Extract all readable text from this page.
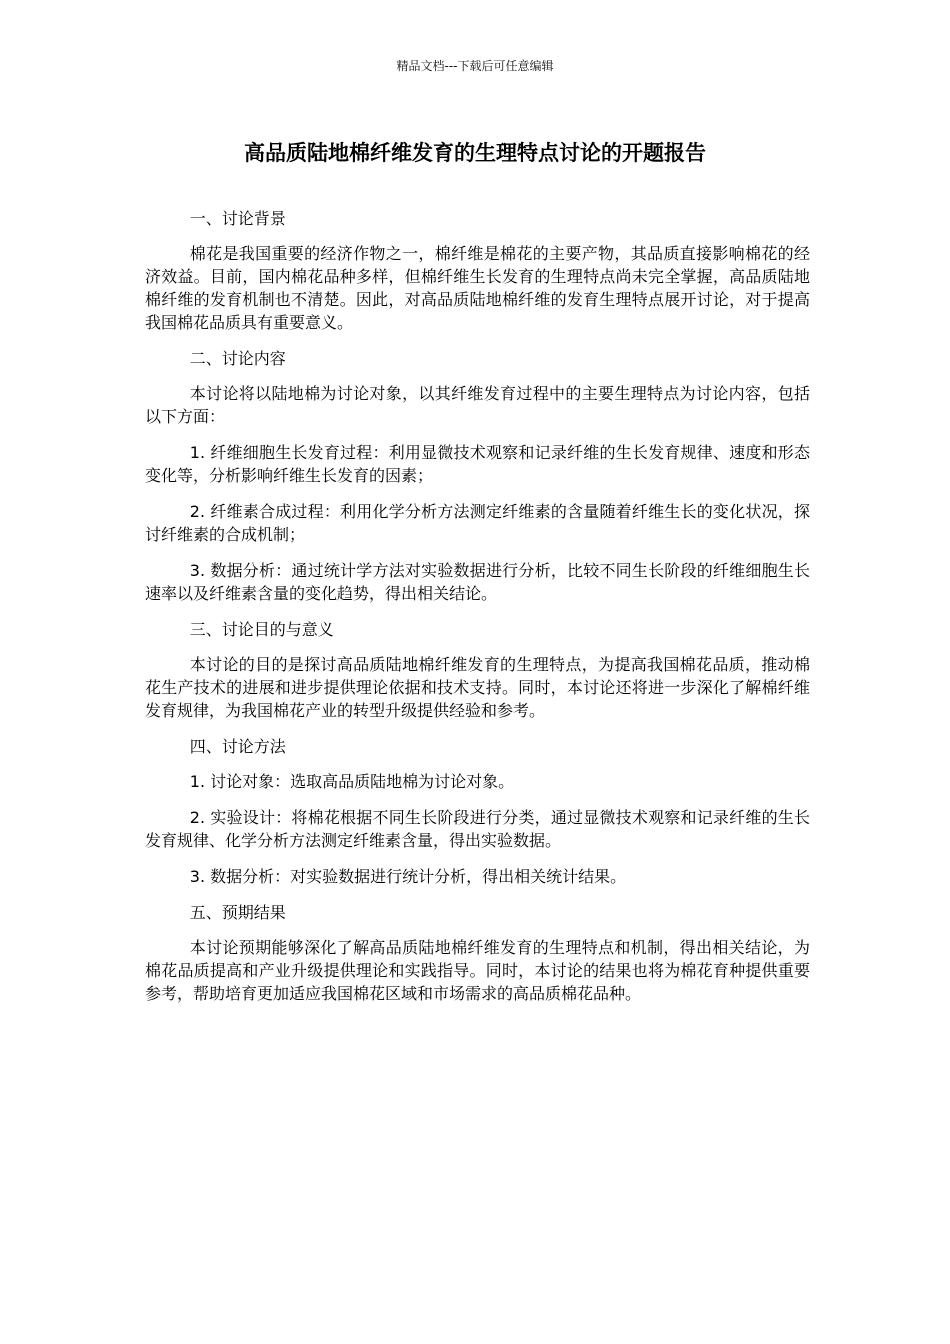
精品文档---下载后可任意编辑
高品质陆地棉纤维发育的生理特点讨论的开题报告

一、讨论背景

棉花是我国重要的经济作物之一，棉纤维是棉花的主要产物，其品质直接影响棉花的经济效益。目前，国内棉花品种多样，但棉纤维生长发育的生理特点尚未完全掌握，高品质陆地棉纤维的发育机制也不清楚。因此，对高品质陆地棉纤维的发育生理特点展开讨论，对于提高我国棉花品质具有重要意义。

二、讨论内容

本讨论将以陆地棉为讨论对象，以其纤维发育过程中的主要生理特点为讨论内容，包括以下方面：

1. 纤维细胞生长发育过程：利用显微技术观察和记录纤维的生长发育规律、速度和形态变化等，分析影响纤维生长发育的因素；

2. 纤维素合成过程：利用化学分析方法测定纤维素的含量随着纤维生长的变化状况，探讨纤维素的合成机制；

3. 数据分析：通过统计学方法对实验数据进行分析，比较不同生长阶段的纤维细胞生长速率以及纤维素含量的变化趋势，得出相关结论。

三、讨论目的与意义

本讨论的目的是探讨高品质陆地棉纤维发育的生理特点，为提高我国棉花品质，推动棉花生产技术的进展和进步提供理论依据和技术支持。同时，本讨论还将进一步深化了解棉纤维发育规律，为我国棉花产业的转型升级提供经验和参考。

四、讨论方法

1. 讨论对象：选取高品质陆地棉为讨论对象。

2. 实验设计：将棉花根据不同生长阶段进行分类，通过显微技术观察和记录纤维的生长发育规律、化学分析方法测定纤维素含量，得出实验数据。

3. 数据分析：对实验数据进行统计分析，得出相关统计结果。

五、预期结果

本讨论预期能够深化了解高品质陆地棉纤维发育的生理特点和机制，得出相关结论，为棉花品质提高和产业升级提供理论和实践指导。同时，本讨论的结果也将为棉花育种提供重要参考，帮助培育更加适应我国棉花区域和市场需求的高品质棉花品种。
